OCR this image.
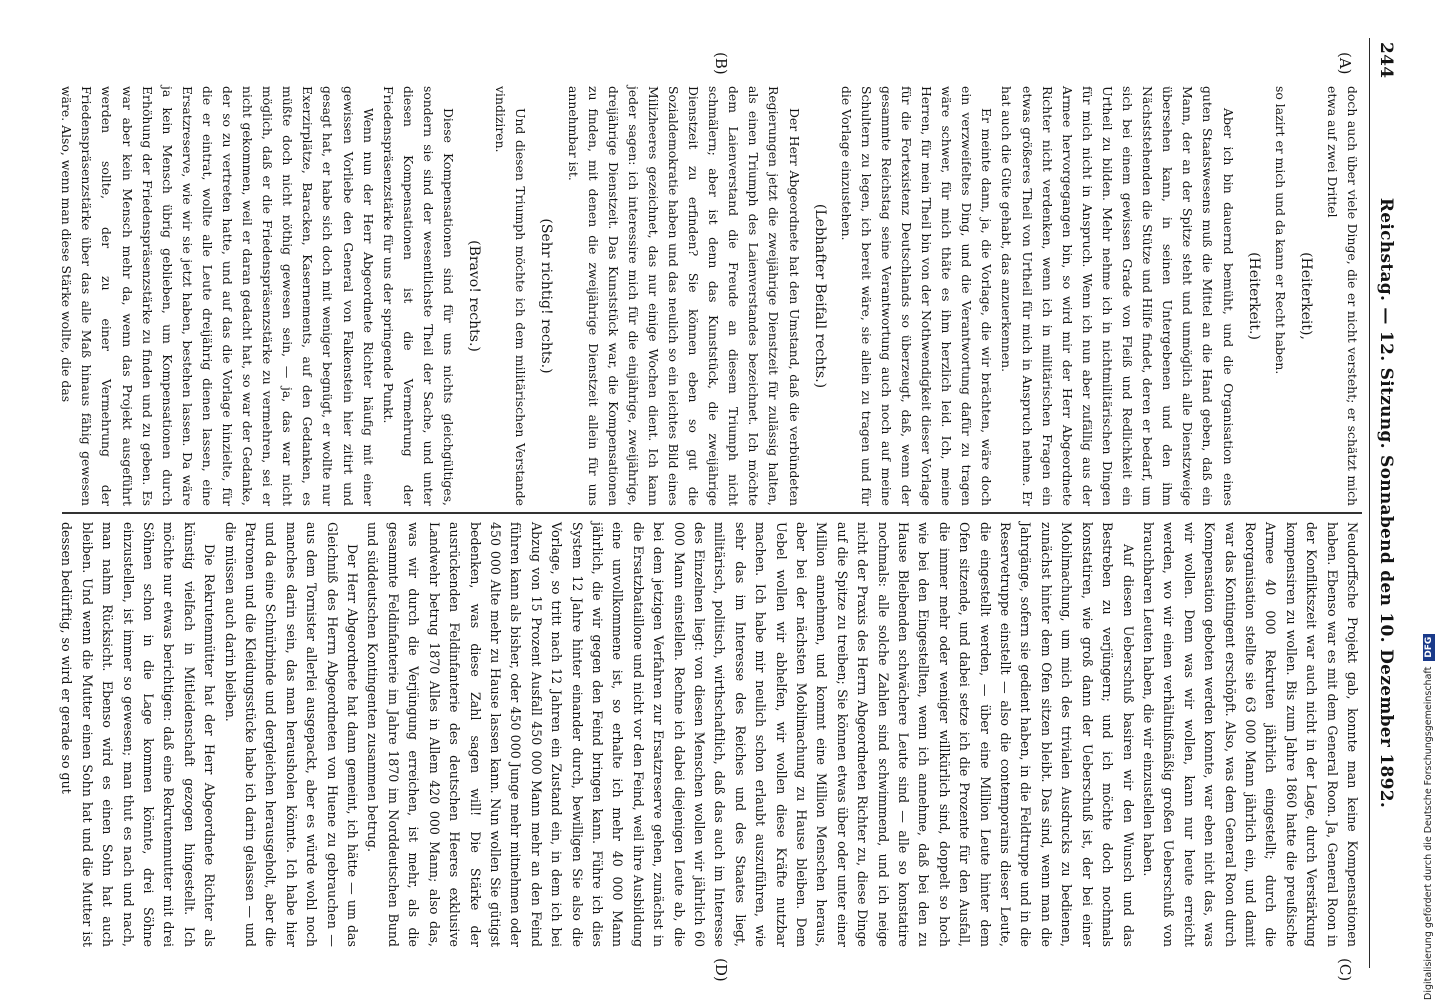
244
Reichstag. — 12. Sitzung. Sonnabend den 10. Dezember 1892.
(A)
(B)
(C)
(D)

doch auch über viele Dinge, die er nicht versteht; er schätzt mich etwa auf zwei Drittel

(Heiterkeit),

so lazirt er mich und da kann er Recht haben.

(Heiterkeit.)

Aber ich bin dauernd bemüht, und die Organisation eines guten Staatswesens muß die Mittel an die Hand geben, daß ein Mann, der an der Spitze steht und unmöglich alle Dienstzweige übersehen kann, in seinen Untergebenen und den ihm Nächststehenden die Stütze und Hilfe findet, deren er bedarf, um sich bei einem gewissen Grade von Fleiß und Redlichkeit ein Urtheil zu bilden. Mehr nehme ich in nichtmilitärischen Dingen für mich nicht in Anspruch. Wenn ich nun aber zufällig aus der Armee hervorgegangen bin, so wird mir der Herr Abgeordnete Richter nicht verdenken, wenn ich in militärischen Fragen ein etwas größeres Theil von Urtheil für mich in Anspruch nehme. Er hat auch die Güte gehabt, das anzuerkennen.

Er meinte dann, ja, die Vorlage, die wir brächten, wäre doch ein verzweifeltes Ding, und die Verantwortung dafür zu tragen wäre schwer, für mich thäte es ihm herzlich leid. Ich, meine Herren, für mein Theil bin von der Nothwendigkeit dieser Vorlage für die Fortexistenz Deutschlands so überzeugt, daß, wenn der gesammte Reichstag seine Verantwortung auch noch auf meine Schultern zu legen, ich bereit wäre, sie allein zu tragen und für die Vorlage einzustehen.

(Lebhafter Beifall rechts.)

Der Herr Abgeordnete hat den Umstand, daß die verbündeten Regierungen jetzt die zweijährige Dienstzeit für zulässig halten, als einen Triumph des Laienverstandes bezeichnet. Ich möchte dem Laienverstand die Freude an diesem Triumph nicht schmälern; aber ist denn das Kunststück, die zweijährige Dienstzeit zu erfinden? Sie können eben so gut die Sozialdemokratie haben und das neulich so ein leichtes Bild eines Milizheeres gezeichnet, das nur einige Wochen dient. Ich kann jeder sagen: ich interessire mich für die einjährige, zweijährige, dreijährige Dienstzeit. Das Kunststück war, die Kompensationen zu finden, mit denen die zweijährige Dienstzeit allein für uns annehmbar ist.

(Sehr richtig! rechts.)

Und diesen Triumph möchte ich dem militärischen Verstande vindiziren.

(Bravo! rechts.)

Diese Kompensationen sind für uns nichts gleichgültiges, sondern sie sind der wesentlichste Theil der Sache, und unter diesen Kompensationen ist die Vermehrung der Friedenspräsenzstärke für uns der springende Punkt.

Wenn nun der Herr Abgeordnete Richter häufig mit einer gewissen Vorliebe den General von Falkenstein hier zitirt und gesagt hat, er habe sich doch mit weniger begnügt, er wollte nur Exerzirplätze, Baracken, Kasernements, auf den Gedanken, es müßte doch nicht nöthig gewesen sein, — ja, das war nicht möglich, daß er die Friedenspräsenzstärke zu vermehren, sei er nicht gekommen, weil er daran gedacht hat, so war der Gedanke, der so zu vertreten hatte, und auf das die Vorlage hinzielte, für die er eintrat, wollte alle Leute dreijährig dienen lassen, eine Ersatzreserve, wie wir sie jetzt haben, bestehen lassen. Da wäre ja kein Mensch übrig geblieben, um Kompensationen durch Erhöhung der Friedenspräsenzstärke zu finden und zu geben. Es war aber kein Mensch mehr da, wenn das Projekt ausgeführt werden sollte, der zu einer Vermehrung der Friedenspräsenzstärke über das alle Maß hinaus fähig gewesen wäre. Also, wenn man diese Stärke wollte, die das

Neudorffsche Projekt gab, konnte man keine Kompensationen haben. Ebenso war es mit dem General Roon. Ja, General Roon in der Konfliktszeit war auch nicht in der Lage, durch Verstärkung kompensiren zu wollen. Bis zum Jahre 1860 hatte die preußische Armee 40 000 Rekruten jährlich eingestellt; durch die Reorganisation stellte sie 63 000 Mann jährlich ein, und damit war das Kontingent erschöpft. Also, was dem General Roon durch Kompensation geboten werden konnte, war eben nicht das, was wir wollen. Denn was wir wollen, kann nur heute erreicht werden, wo wir einen verhältnißmäßig großen Ueberschuß von brauchbaren Leuten haben, die wir einzustellen haben.

Auf diesen Ueberschuß basiren wir den Wunsch und das Bestreben zu verjüngern; und ich möchte doch nochmals konstatiren, wie groß dann der Ueberschuß ist, der bei einer Mobilmachung, um mich des trivialen Ausdrucks zu bedienen, zunächst hinter dem Ofen sitzen bleibt. Das sind, wenn man die Jahrgänge, sofern sie gedient haben, in die Feldtruppe und in die Reservetruppe einstellt — also die contemporains dieser Leute, die eingestellt werden, — über eine Million Leute hinter dem Ofen sitzende, und dabei setze ich die Prozente für den Ausfall, die immer mehr oder weniger willkürlich sind, doppelt so hoch wie bei den Eingestellten, wenn ich annehme, daß bei den zu Hause Bleibenden schwächere Leute sind — alle so konstatire nochmals: alle solche Zahlen sind schwimmend, und ich neige nicht der Praxis des Herrn Abgeordneten Richter zu, diese Dinge auf die Spitze zu treiben; Sie können etwas über oder unter einer Million annehmen, und kommt eine Million Menschen heraus, aber bei der nächsten Mobilmachung zu Hause bleiben. Dem Uebel wollen wir abhelfen, wir wollen diese Kräfte nutzbar machen. Ich habe mir neulich schon erlaubt auszuführen, wie sehr das im Interesse des Reiches und des Staates liegt, militärisch, politisch, wirthschaftlich, daß das auch im Interesse des Einzelnen liegt: von diesen Menschen wollen wir jährlich 60 000 Mann einstellen. Rechne ich dabei diejenigen Leute ab, die bei dem jetzigen Verfahren zur Ersatzreserve gehen, zunächst in die Ersatzbataillone und nicht vor den Feind, weil ihre Ausbildung eine unvollkommene ist, so erhalte ich mehr 40 000 Mann jährlich, die wir gegen den Feind bringen kann. Führe ich dies System 12 Jahre hinter einander durch, bewilligen Sie also die Vorlage, so tritt nach 12 Jahren ein Zustand ein, in dem ich bei Abzug von 15 Prozent Ausfall 450 000 Mann mehr an den Feind führen kann als bisher, oder 450 000 Junge mehr mitnehmen oder 450 000 Alte mehr zu Hause lassen kann. Nun wollen Sie gütigst bedenken, was diese Zahl sagen will! Die Stärke der ausrückenden Feldinfanterie des deutschen Heeres exklusive Landwehr betrug 1870 Alles in Allem 420 000 Mann; also das, was wir durch die Verjüngung erreichen, ist mehr, als die gesammte Feldinfanterie im Jahre 1870 im Norddeutschen Bund und süddeutschen Kontingenten zusammen betrug.

Der Herr Abgeordnete hat dann gemeint, ich hätte — um das Gleichniß des Herrn Abgeordneten von Huene zu gebrauchen — aus dem Tornister allerlei ausgepackt, aber es würde wohl noch manches darin sein, das man herausholen könnte. Ich habe hier und da eine Schnürbinde und dergleichen herausgeholt, aber die Patronen und die Kleidungsstücke habe ich darin gelassen — und die müssen auch darin bleiben.

Die Rekrutenmütter hat der Herr Abgeordnete Richter als künstig vielfach in Mitleidenschaft gezogen hingestellt. Ich möchte nur etwas berichtigen: daß eine Rekrutenmutter mit drei Söhnen schon in die Lage kommen könnte, drei Söhne einzustellen, ist immer so gewesen; man thut es nach und nach, man nahm Rücksicht. Ebenso wird es einen Sohn hat auch bleiben. Und wenn die Mutter einen Sohn hat und die Mutter ist dessen bedürftig, so wird er gerade so gut

Digitalisierung gefördert durch die Deutsche ForschungsgemeinschaftDFG
